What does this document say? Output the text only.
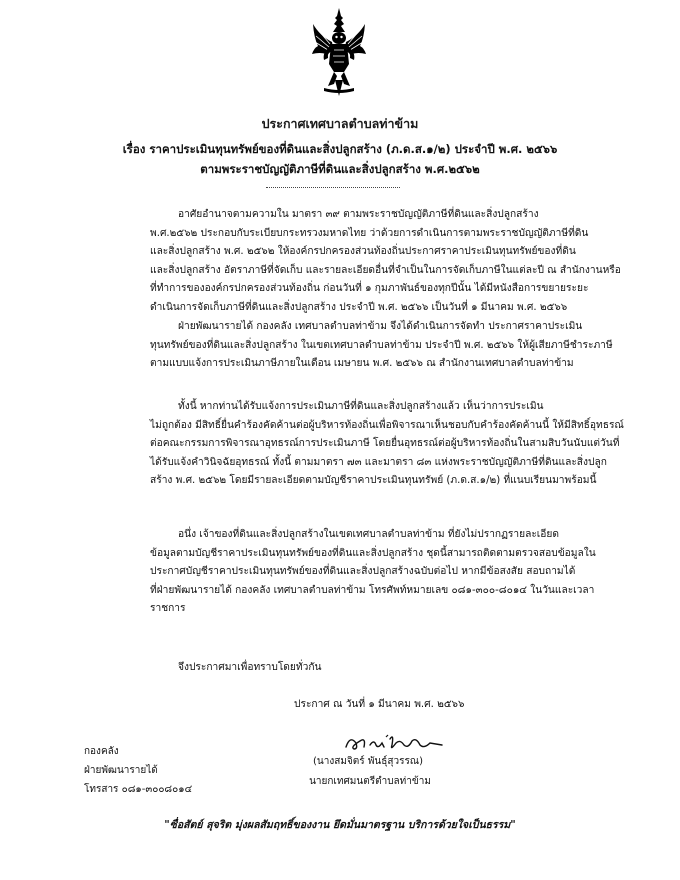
ประกาศเทศบาลตำบลท่าข้าม
เรื่อง ราคาประเมินทุนทรัพย์ของที่ดินและสิ่งปลูกสร้าง (ภ.ด.ส.๑/๒) ประจำปี พ.ศ. ๒๕๖๖
ตามพระราชบัญญัติภาษีที่ดินและสิ่งปลูกสร้าง พ.ศ.๒๕๖๒
อาศัยอำนาจตามความใน มาตรา ๓๙ ตามพระราชบัญญัติภาษีที่ดินและสิ่งปลูกสร้าง
พ.ศ.๒๕๖๒ ประกอบกับระเบียบกระทรวงมหาดไทย ว่าด้วยการดำเนินการตามพระราชบัญญัติภาษีที่ดิน
และสิ่งปลูกสร้าง พ.ศ. ๒๕๖๒ ให้องค์กรปกครองส่วนท้องถิ่นประกาศราคาประเมินทุนทรัพย์ของที่ดิน
และสิ่งปลูกสร้าง อัตราภาษีที่จัดเก็บ และรายละเอียดอื่นที่จำเป็นในการจัดเก็บภาษีในแต่ละปี ณ สำนักงานหรือ
ที่ทำการขององค์กรปกครองส่วนท้องถิ่น ก่อนวันที่ ๑ กุมภาพันธ์ของทุกปีนั้น ได้มีหนังสือการขยายระยะ
ดำเนินการจัดเก็บภาษีที่ดินและสิ่งปลูกสร้าง ประจำปี พ.ศ. ๒๕๖๖ เป็นวันที่ ๑ มีนาคม พ.ศ. ๒๕๖๖
ฝ่ายพัฒนารายได้ กองคลัง เทศบาลตำบลท่าข้าม จึงได้ดำเนินการจัดทำ ประกาศราคาประเมิน
ทุนทรัพย์ของที่ดินและสิ่งปลูกสร้าง ในเขตเทศบาลตำบลท่าข้าม ประจำปี พ.ศ. ๒๕๖๖ ให้ผู้เสียภาษีชำระภาษี
ตามแบบแจ้งการประเมินภาษีภายในเดือน เมษายน พ.ศ. ๒๕๖๖ ณ สำนักงานเทศบาลตำบลท่าข้าม
ทั้งนี้ หากท่านได้รับแจ้งการประเมินภาษีที่ดินและสิ่งปลูกสร้างแล้ว เห็นว่าการประเมิน
ไม่ถูกต้อง มีสิทธิ์ยื่นคำร้องคัดค้านต่อผู้บริหารท้องถิ่นเพื่อพิจารณาเห็นชอบกับคำร้องคัดค้านนี้ ให้มีสิทธิ์อุทธรณ์
ต่อคณะกรรมการพิจารณาอุทธรณ์การประเมินภาษี โดยยื่นอุทธรณ์ต่อผู้บริหารท้องถิ่นในสามสิบวันนับแต่วันที่
ได้รับแจ้งคำวินิจฉัยอุทธรณ์ ทั้งนี้ ตามมาตรา ๗๓ และมาตรา ๘๓ แห่งพระราชบัญญัติภาษีที่ดินและสิ่งปลูก
สร้าง พ.ศ. ๒๕๖๒ โดยมีรายละเอียดตามบัญชีราคาประเมินทุนทรัพย์ (ภ.ด.ส.๑/๒) ที่แนบเรียนมาพร้อมนี้
อนึ่ง เจ้าของที่ดินและสิ่งปลูกสร้างในเขตเทศบาลตำบลท่าข้าม ที่ยังไม่ปรากฏรายละเอียด
ข้อมูลตามบัญชีราคาประเมินทุนทรัพย์ของที่ดินและสิ่งปลูกสร้าง ชุดนี้สามารถติดตามตรวจสอบข้อมูลใน
ประกาศบัญชีราคาประเมินทุนทรัพย์ของที่ดินและสิ่งปลูกสร้างฉบับต่อไป หากมีข้อสงสัย สอบถามได้
ที่ฝ่ายพัฒนารายได้ กองคลัง เทศบาลตำบลท่าข้าม โทรศัพท์หมายเลข ๐๘๑-๓๐๐-๘๐๑๔ ในวันและเวลา
ราชการ
จึงประกาศมาเพื่อทราบโดยทั่วกัน
ประกาศ ณ วันที่ ๑ มีนาคม พ.ศ. ๒๕๖๖
(นางสมจิตร์ พันธุ์สุวรรณ)
นายกเทศมนตรีตำบลท่าข้าม
กองคลัง
ฝ่ายพัฒนารายได้
โทรสาร ๐๘๑-๓๐๐๘๐๑๔
"ซื่อสัตย์ สุจริต มุ่งผลสัมฤทธิ์ของงาน ยึดมั่นมาตรฐาน บริการด้วยใจเป็นธรรม"
